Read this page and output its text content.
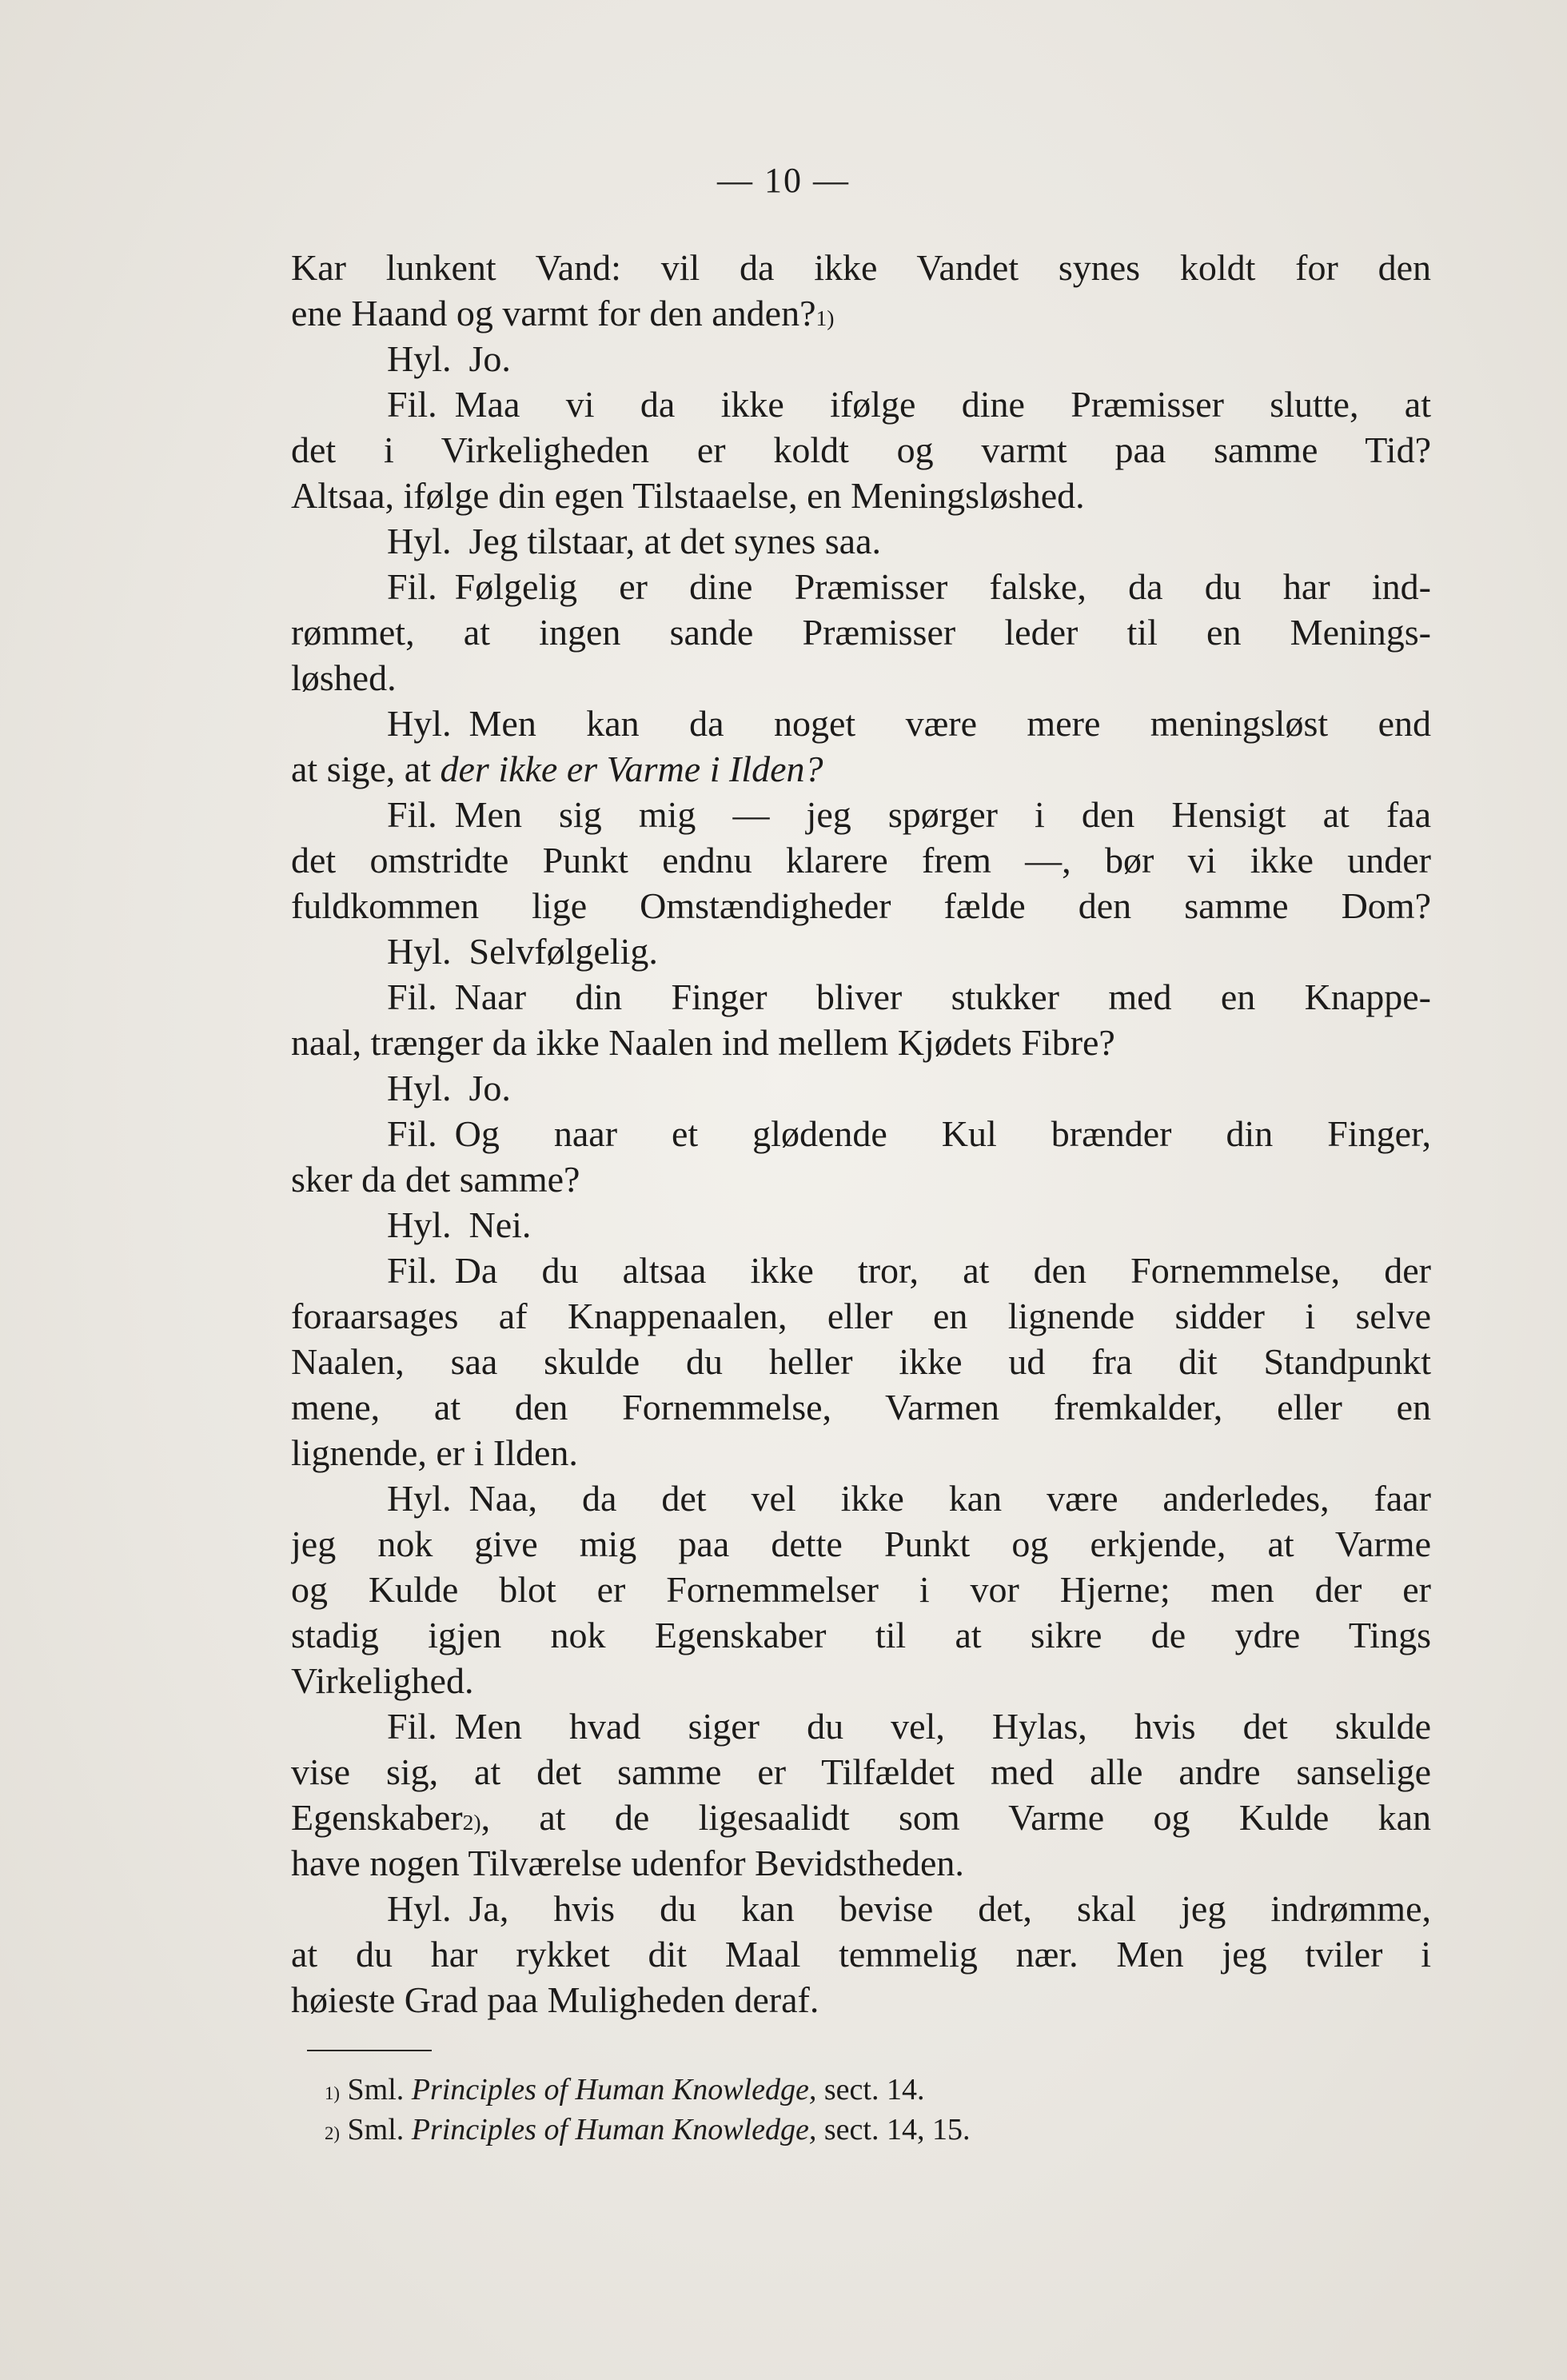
— 10 —
Kar lunkent Vand: vil da ikke Vandet synes koldt for den
ene Haand og varmt for den anden?$^{1)}$
Hyl. Jo.
Fil. Maa vi da ikke ifølge dine Præmisser slutte, at
det i Virkeligheden er koldt og varmt paa samme Tid?
Altsaa, ifølge din egen Tilstaaelse, en Meningsløshed.
Hyl. Jeg tilstaar, at det synes saa.
Fil. Følgelig er dine Præmisser falske, da du har ind-
rømmet, at ingen sande Præmisser leder til en Menings-
løshed.
Hyl. Men kan da noget være mere meningsløst end
at sige, at der ikke er Varme i Ilden?
Fil. Men sig mig — jeg spørger i den Hensigt at faa
det omstridte Punkt endnu klarere frem —, bør vi ikke under
fuldkommen lige Omstændigheder fælde den samme Dom?
Hyl. Selvfølgelig.
Fil. Naar din Finger bliver stukker med en Knappe-
naal, trænger da ikke Naalen ind mellem Kjødets Fibre?
Hyl. Jo.
Fil. Og naar et glødende Kul brænder din Finger,
sker da det samme?
Hyl. Nei.
Fil. Da du altsaa ikke tror, at den Fornemmelse, der
foraarsages af Knappenaalen, eller en lignende sidder i selve
Naalen, saa skulde du heller ikke ud fra dit Standpunkt
mene, at den Fornemmelse, Varmen fremkalder, eller en
lignende, er i Ilden.
Hyl. Naa, da det vel ikke kan være anderledes, faar
jeg nok give mig paa dette Punkt og erkjende, at Varme
og Kulde blot er Fornemmelser i vor Hjerne; men der er
stadig igjen nok Egenskaber til at sikre de ydre Tings
Virkelighed.
Fil. Men hvad siger du vel, Hylas, hvis det skulde
vise sig, at det samme er Tilfældet med alle andre sanselige
Egenskaber$^{2)}$, at de ligesaalidt som Varme og Kulde kan
have nogen Tilværelse udenfor Bevidstheden.
Hyl. Ja, hvis du kan bevise det, skal jeg indrømme,
at du har rykket dit Maal temmelig nær. Men jeg tviler i
høieste Grad paa Muligheden deraf.
$^{1)}$ Sml. Principles of Human Knowledge, sect. 14.
$^{2)}$ Sml. Principles of Human Knowledge, sect. 14, 15.
